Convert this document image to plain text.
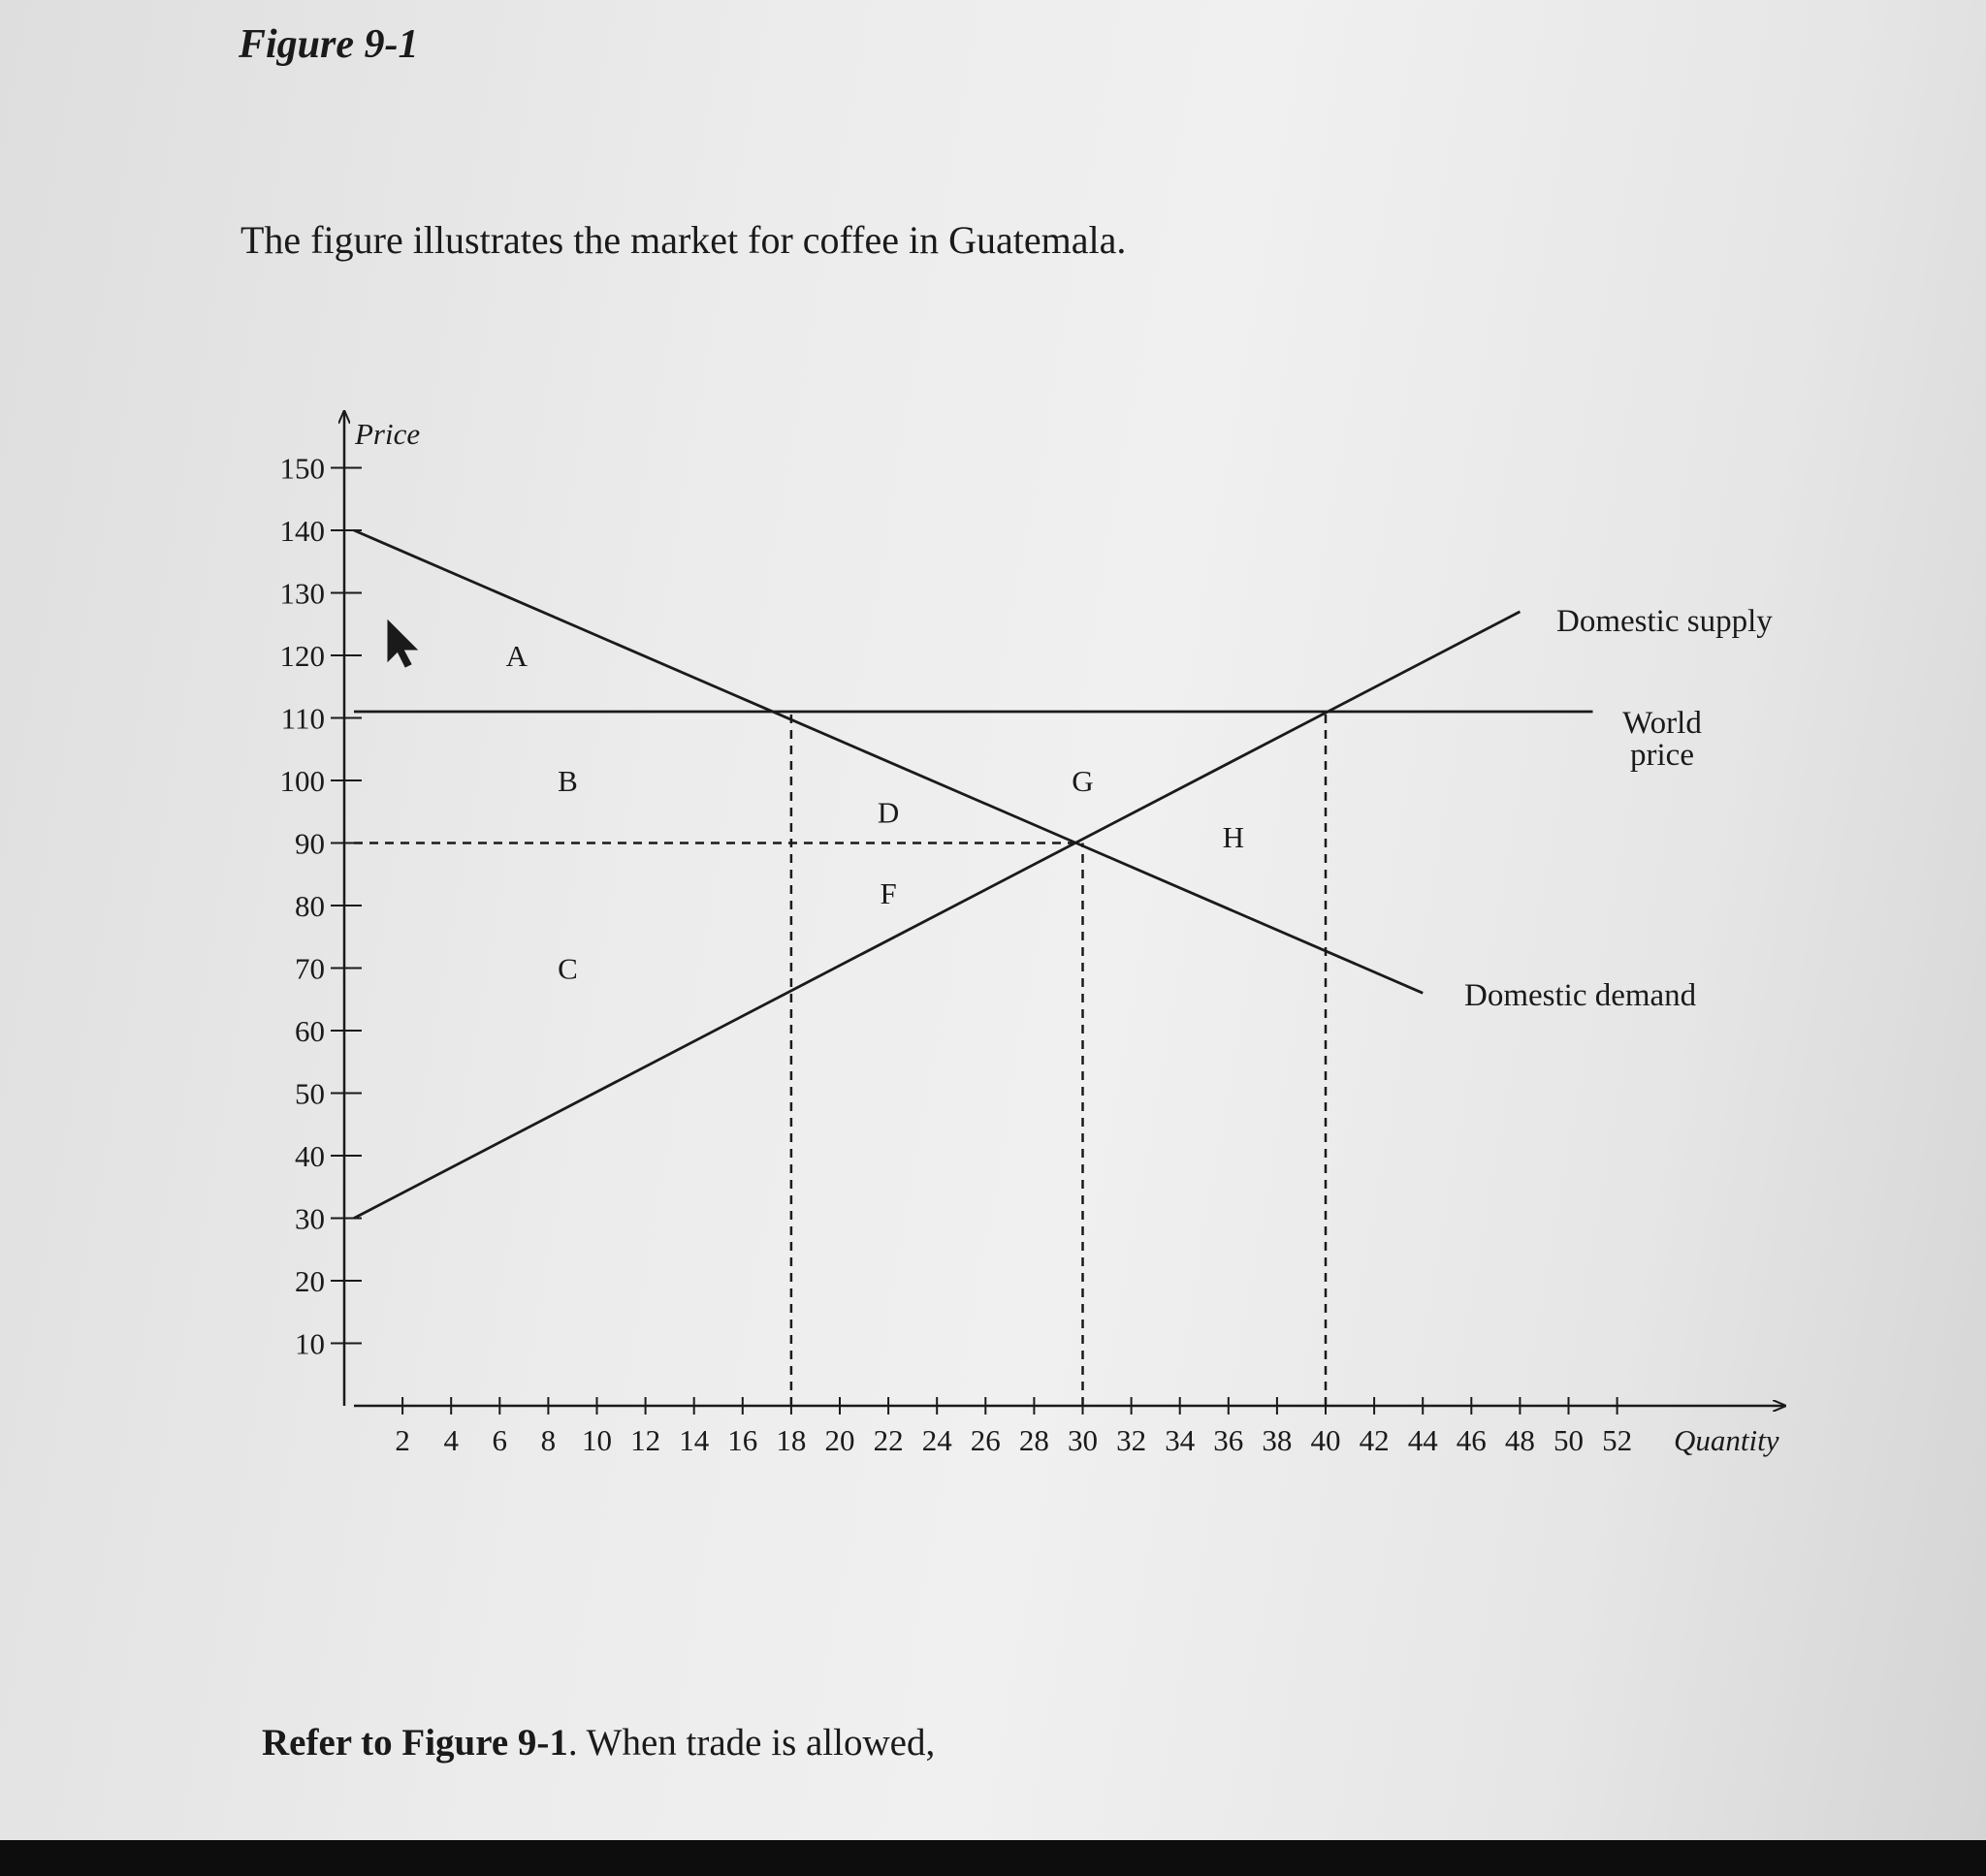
Figure 9-1
The figure illustrates the market for coffee in Guatemala.
10
20
30
40
50
60
70
80
90
100
110
120
130
140
150
2 4 6 8 10 12 14 16 18 20 22 24 26 28 30 32 34 36 38 40 42 44 46 48 50 52
Price
Quantity
Domestic supply
World
price
Domestic demand
A
B
C
D
F
G
H
Refer to Figure 9-1. When trade is allowed,
